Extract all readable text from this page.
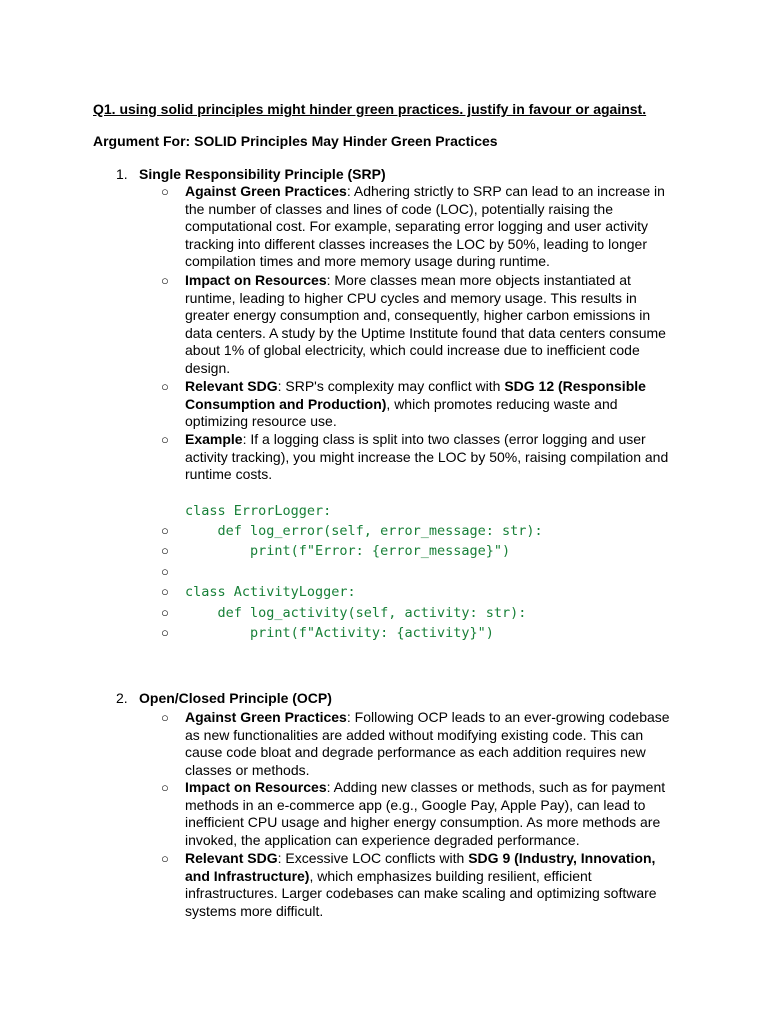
Q1. using solid principles might hinder green practices. justify in favour or against.
Argument For: SOLID Principles May Hinder Green Practices
1. Single Responsibility Principle (SRP)
○ Against Green Practices: Adhering strictly to SRP can lead to an increase in the number of classes and lines of code (LOC), potentially raising the computational cost. For example, separating error logging and user activity tracking into different classes increases the LOC by 50%, leading to longer compilation times and more memory usage during runtime.
○ Impact on Resources: More classes mean more objects instantiated at runtime, leading to higher CPU cycles and memory usage. This results in greater energy consumption and, consequently, higher carbon emissions in data centers. A study by the Uptime Institute found that data centers consume about 1% of global electricity, which could increase due to inefficient code design.
○ Relevant SDG: SRP's complexity may conflict with SDG 12 (Responsible Consumption and Production), which promotes reducing waste and optimizing resource use.
○ Example: If a logging class is split into two classes (error logging and user activity tracking), you might increase the LOC by 50%, raising compilation and runtime costs.
class ErrorLogger:
○ def log_error(self, error_message: str):
○ print(f"Error: {error_message}")
○
○ class ActivityLogger:
○ def log_activity(self, activity: str):
○ print(f"Activity: {activity}")
2. Open/Closed Principle (OCP)
○ Against Green Practices: Following OCP leads to an ever-growing codebase as new functionalities are added without modifying existing code. This can cause code bloat and degrade performance as each addition requires new classes or methods.
○ Impact on Resources: Adding new classes or methods, such as for payment methods in an e-commerce app (e.g., Google Pay, Apple Pay), can lead to inefficient CPU usage and higher energy consumption. As more methods are invoked, the application can experience degraded performance.
○ Relevant SDG: Excessive LOC conflicts with SDG 9 (Industry, Innovation, and Infrastructure), which emphasizes building resilient, efficient infrastructures. Larger codebases can make scaling and optimizing software systems more difficult.
